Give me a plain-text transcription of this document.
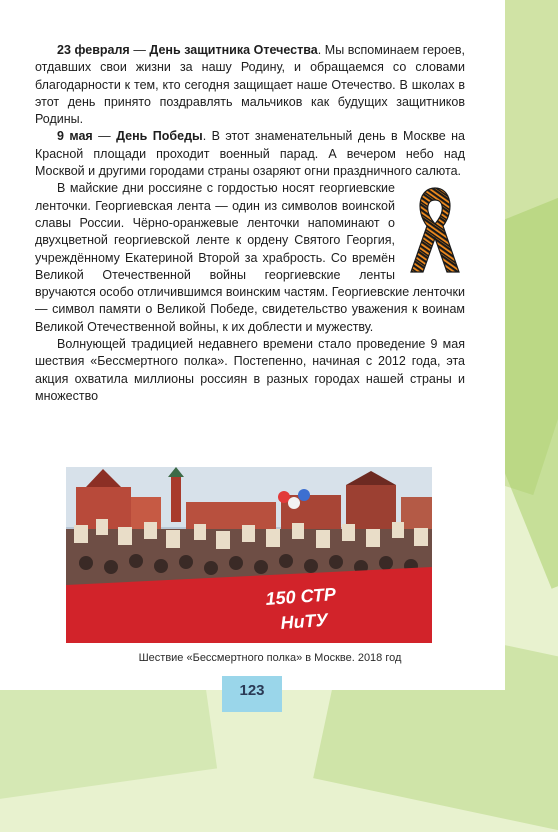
23 февраля — День защитника Отечества. Мы вспоминаем героев, отдавших свои жизни за нашу Родину, и обращаемся со словами благодарности к тем, кто сегодня защищает наше Отечество. В школах в этот день принято поздравлять мальчиков как будущих защитников Родины.

9 мая — День Победы. В этот знаменательный день в Москве на Красной площади проходит военный парад. А вечером небо над Москвой и другими городами страны озаряют огни праздничного салюта.

В майские дни россияне с гордостью носят георгиевские ленточки. Георгиевская лента — один из символов воинской славы России. Чёрно-оранжевые ленточки напоминают о двухцветной георгиевской ленте к ордену Святого Георгия, учреждённому Екатериной Второй за храбрость. Со времён Великой Отечественной войны георгиевские ленты вручаются особо отличившимся воинским частям. Георгиевские ленточки — символ памяти о Великой Победе, свидетельство уважения к воинам Великой Отечественной войны, к их доблести и мужеству.

Волнующей традицией недавнего времени стало проведение 9 мая шествия «Бессмертного полка». Постепенно, начиная с 2012 года, эта акция охватила миллионы россиян в разных городах нашей страны и множество

150 СТР
НиТУ
Шествие «Бессмертного полка» в Москве. 2018 год
123
